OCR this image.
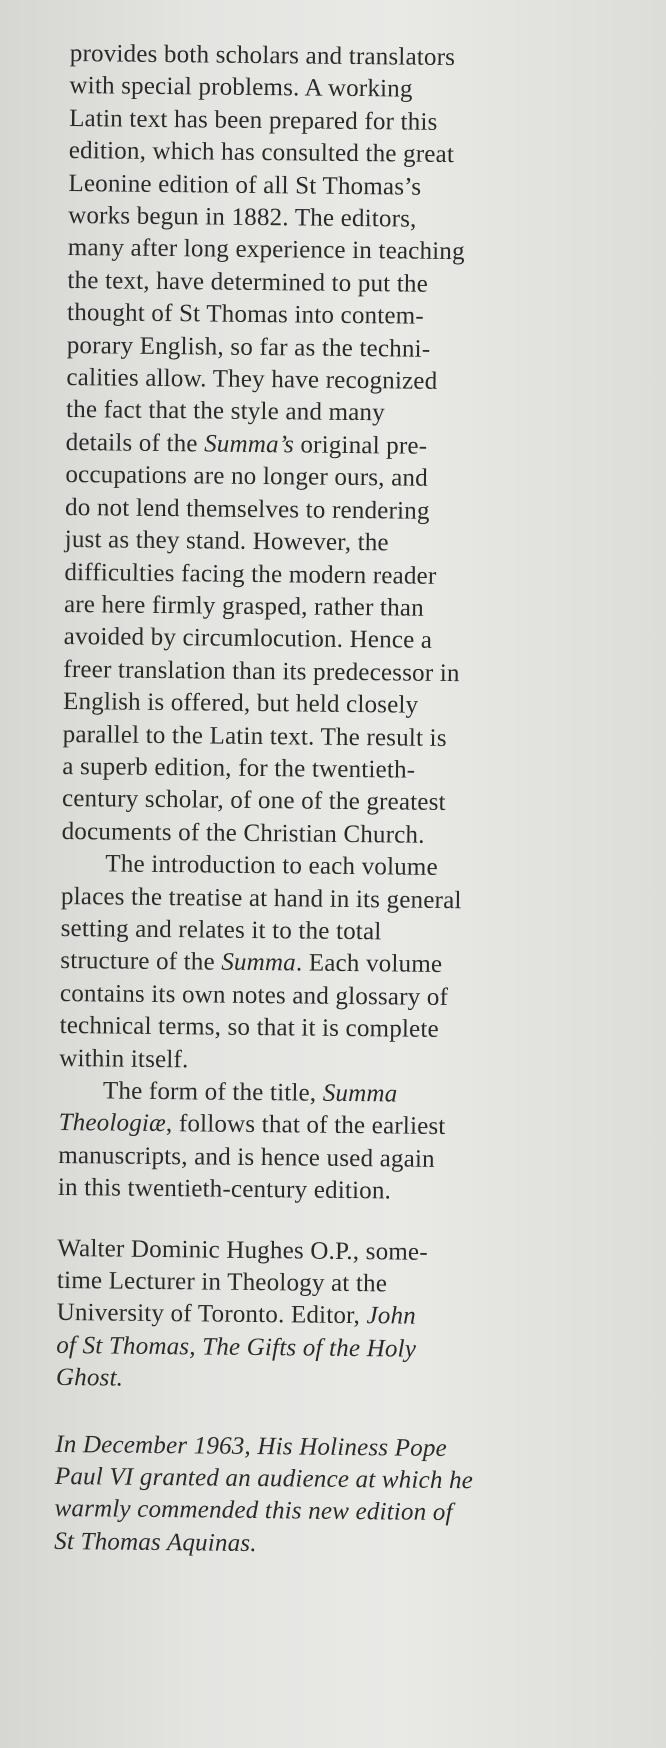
provides both scholars and translators
with special problems. A working
Latin text has been prepared for this
edition, which has consulted the great
Leonine edition of all St Thomas’s
works begun in 1882. The editors,
many after long experience in teaching
the text, have determined to put the
thought of St Thomas into contem-
porary English, so far as the techni-
calities allow. They have recognized
the fact that the style and many
details of the Summa’s original pre-
occupations are no longer ours, and
do not lend themselves to rendering
just as they stand. However, the
difficulties facing the modern reader
are here firmly grasped, rather than
avoided by circumlocution. Hence a
freer translation than its predecessor in
English is offered, but held closely
parallel to the Latin text. The result is
a superb edition, for the twentieth-
century scholar, of one of the greatest
documents of the Christian Church.
The introduction to each volume
places the treatise at hand in its general
setting and relates it to the total
structure of the Summa. Each volume
contains its own notes and glossary of
technical terms, so that it is complete
within itself.
The form of the title, Summa
Theologiæ, follows that of the earliest
manuscripts, and is hence used again
in this twentieth-century edition.
Walter Dominic Hughes O.P., some-
time Lecturer in Theology at the
University of Toronto. Editor, John
of St Thomas, The Gifts of the Holy
Ghost.
In December 1963, His Holiness Pope
Paul VI granted an audience at which he
warmly commended this new edition of
St Thomas Aquinas.
